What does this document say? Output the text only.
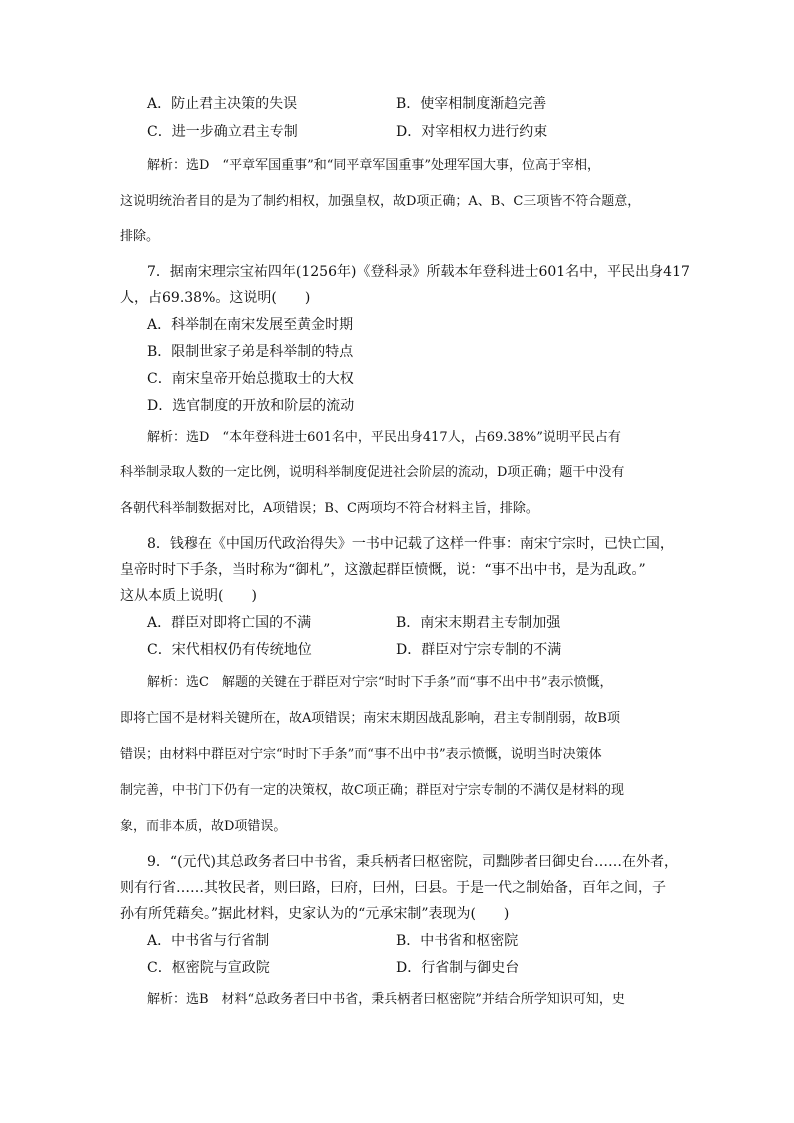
A．防止君主决策的失误	B．使宰相制度渐趋完善
C．进一步确立君主专制	D．对宰相权力进行约束
解析：选D　“平章军国重事”和“同平章军国重事”处理军国大事，位高于宰相，
这说明统治者目的是为了制约相权，加强皇权，故D项正确；A、B、C三项皆不符合题意，
排除。
7．据南宋理宗宝祐四年(1256年)《登科录》所载本年登科进士601名中，平民出身417
人，占69.38%。这说明(　　)
A．科举制在南宋发展至黄金时期
B．限制世家子弟是科举制的特点
C．南宋皇帝开始总揽取士的大权
D．选官制度的开放和阶层的流动
解析：选D　“本年登科进士601名中，平民出身417人，占69.38%”说明平民占有
科举制录取人数的一定比例，说明科举制度促进社会阶层的流动，D项正确；题干中没有
各朝代科举制数据对比，A项错误；B、C两项均不符合材料主旨，排除。
8．钱穆在《中国历代政治得失》一书中记载了这样一件事：南宋宁宗时，已快亡国，
皇帝时时下手条，当时称为“御札”，这激起群臣愤慨，说：“事不出中书，是为乱政。”
这从本质上说明(　　)
A．群臣对即将亡国的不满	B．南宋末期君主专制加强
C．宋代相权仍有传统地位	D．群臣对宁宗专制的不满
解析：选C　解题的关键在于群臣对宁宗“时时下手条”而“事不出中书”表示愤慨，
即将亡国不是材料关键所在，故A项错误；南宋末期因战乱影响，君主专制削弱，故B项
错误；由材料中群臣对宁宗“时时下手条”而“事不出中书”表示愤慨，说明当时决策体
制完善，中书门下仍有一定的决策权，故C项正确；群臣对宁宗专制的不满仅是材料的现
象，而非本质，故D项错误。
9．“(元代)其总政务者曰中书省，秉兵柄者曰枢密院，司黜陟者曰御史台……在外者，
则有行省……其牧民者，则曰路，曰府，曰州，曰县。于是一代之制始备，百年之间，子
孙有所凭藉矣。”据此材料，史家认为的“元承宋制”表现为(　　)
A．中书省与行省制	B．中书省和枢密院
C．枢密院与宣政院	D．行省制与御史台
解析：选B　材料“总政务者曰中书省，秉兵柄者曰枢密院”并结合所学知识可知，史
